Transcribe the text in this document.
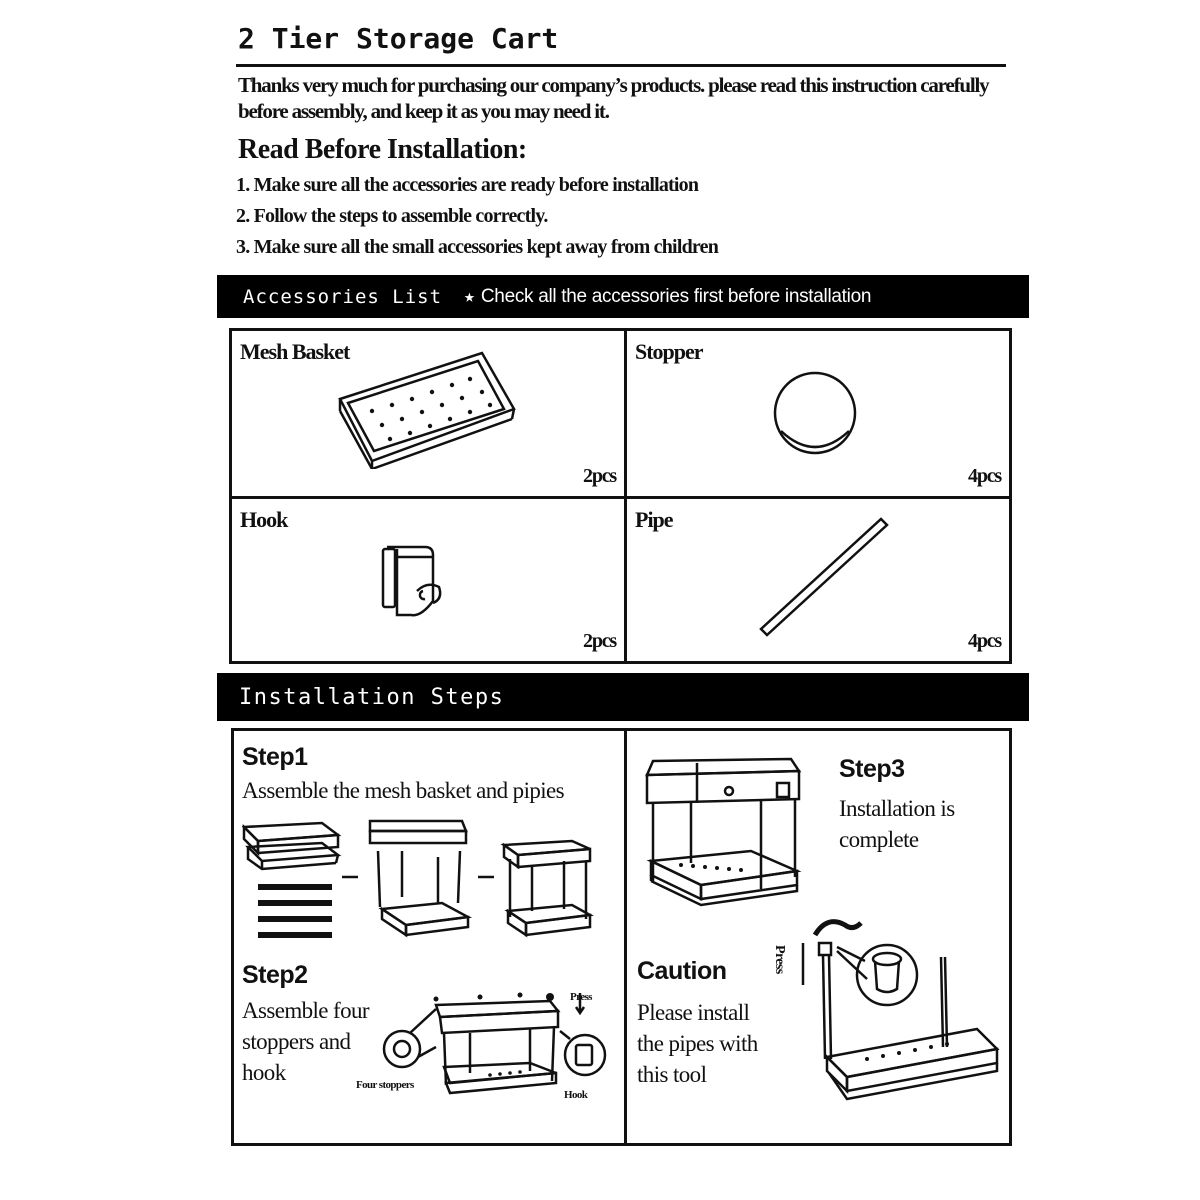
2 Tier Storage Cart
Thanks very much for purchasing our company’s products. please read this instruction carefully before assembly, and keep it as you may need it.
Read Before Installation:
1. Make sure all the accessories are ready before installation
2. Follow the steps to assemble correctly.
3. Make sure all the small accessories kept away from children
Accessories List ★ Check all the accessories first before installation
Mesh Basket
2pcs
Stopper
4pcs
Hook
2pcs
Pipe
4pcs
Installation Steps
Step1
Assemble the mesh basket and pipies
Step2
Assemble four
stoppers and
hook	Four stoppers
Press
Hook
Step3
Installation is
complete
Caution
Please install
the pipes with
this tool
Press
